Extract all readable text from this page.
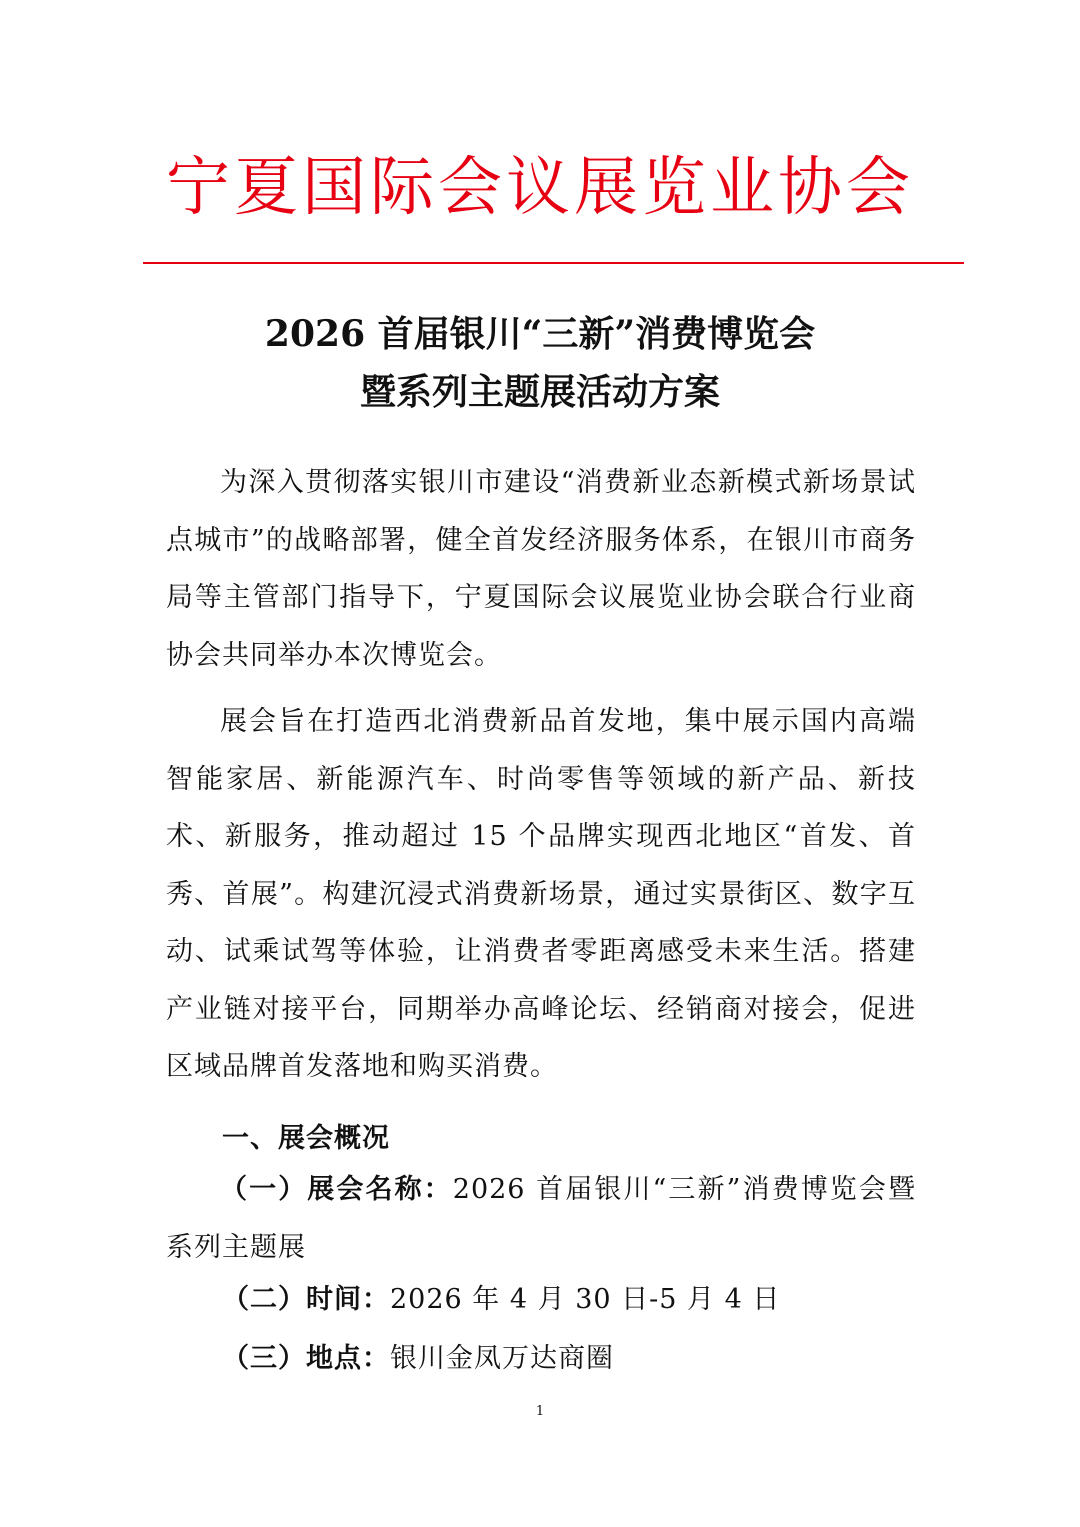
宁夏国际会议展览业协会
2026 首届银川“三新”消费博览会
暨系列主题展活动方案
为深入贯彻落实银川市建设“消费新业态新模式新场景试点城市”的战略部署，健全首发经济服务体系，在银川市商务局等主管部门指导下，宁夏国际会议展览业协会联合行业商协会共同举办本次博览会。
展会旨在打造西北消费新品首发地，集中展示国内高端智能家居、新能源汽车、时尚零售等领域的新产品、新技术、新服务，推动超过 15 个品牌实现西北地区“首发、首秀、首展”。构建沉浸式消费新场景，通过实景街区、数字互动、试乘试驾等体验，让消费者零距离感受未来生活。搭建产业链对接平台，同期举办高峰论坛、经销商对接会，促进区域品牌首发落地和购买消费。
一、展会概况
（一）展会名称：2026 首届银川“三新”消费博览会暨系列主题展
（二）时间：2026 年 4 月 30 日-5 月 4 日
（三）地点：银川金凤万达商圈
1
